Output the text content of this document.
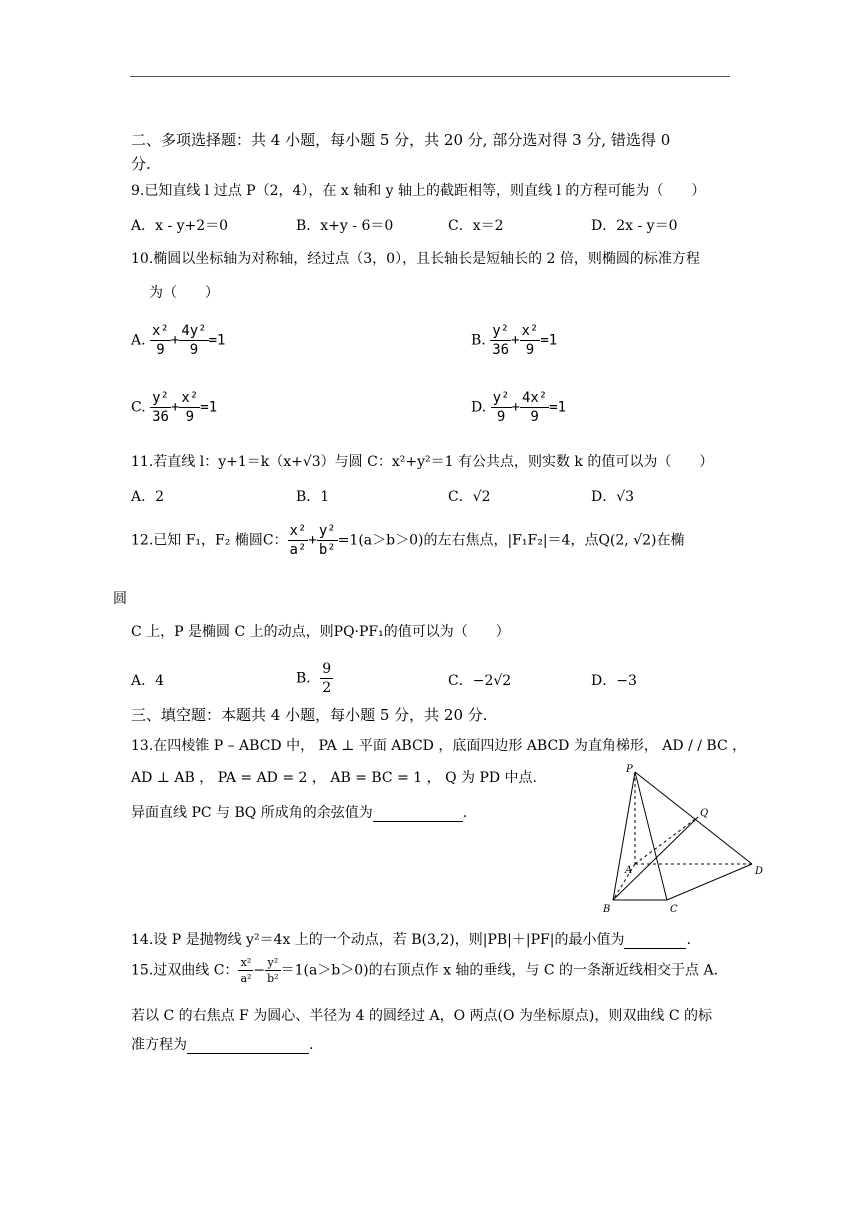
二、多项选择题：共 4 小题，每小题 5 分，共 20 分, 部分选对得 3 分, 错选得 0
分.
9.已知直线 l 过点 P（2，4），在 x 轴和 y 轴上的截距相等，则直线 l 的方程可能为（　　）
A．x - y+2＝0	B．x+y - 6＝0	C．x＝2	D．2x - y＝0
10.椭圆以坐标轴为对称轴，经过点（3，0），且长轴长是短轴长的 2 倍，则椭圆的标准方程
为（　　）
A. $\frac{\text{x²}}{9} + \frac{\text{4y²}}{9} =1$	B. $\frac{\text{y²}}{36} + \frac{\text{x²}}{9} =1$
C. $\frac{\text{y²}}{36} + \frac{\text{x²}}{9} =1$	D. $\frac{\text{y²}}{9} + \frac{\text{4x²}}{9} =1$
11.若直线 l：y+1＝k（x+√3）与圆 C：x²+y²＝1 有公共点，则实数 k 的值可以为（　　）
A．2	B．1	C．√2	D．√3
12.已知 F₁，F₂ 椭圆C： $\frac{\text{x²}}{\text{a²}} + \frac{\text{y²}}{\text{b²}} =1(a>b>0)$的左右焦点，|F₁F₂|＝4，点Q(2, √2)在椭
圆
C 上，P 是椭圆 C 上的动点，则PQ·PF₁的值可以为（　　）
A．4	B． $\frac{9}{2}$	C．−2√2	D．−3
三、填空题：本题共 4 小题，每小题 5 分，共 20 分.
13.在四棱锥 P – ABCD 中， PA ⊥ 平面 ABCD ，底面四边形 ABCD 为直角梯形， AD / / BC ，
AD ⊥ AB ， PA = AD = 2 ， AB = BC = 1 ， Q 为 PD 中点.
异面直线 PC 与 BQ 所成角的余弦值为	.
P
Q
A
B	C
D
14.设 P 是抛物线 y²＝4x 上的一个动点，若 B(3,2)，则|PB|＋|PF|的最小值为	.
15.过双曲线 C： $\frac{\text{x²}}{\text{a²}} - \frac{\text{y²}}{\text{b²}} =1(a>b>0)$的右顶点作 x 轴的垂线，与 C 的一条渐近线相交于点 A.
若以 C 的右焦点 F 为圆心、半径为 4 的圆经过 A，O 两点(O 为坐标原点)，则双曲线 C 的标
准方程为	.
